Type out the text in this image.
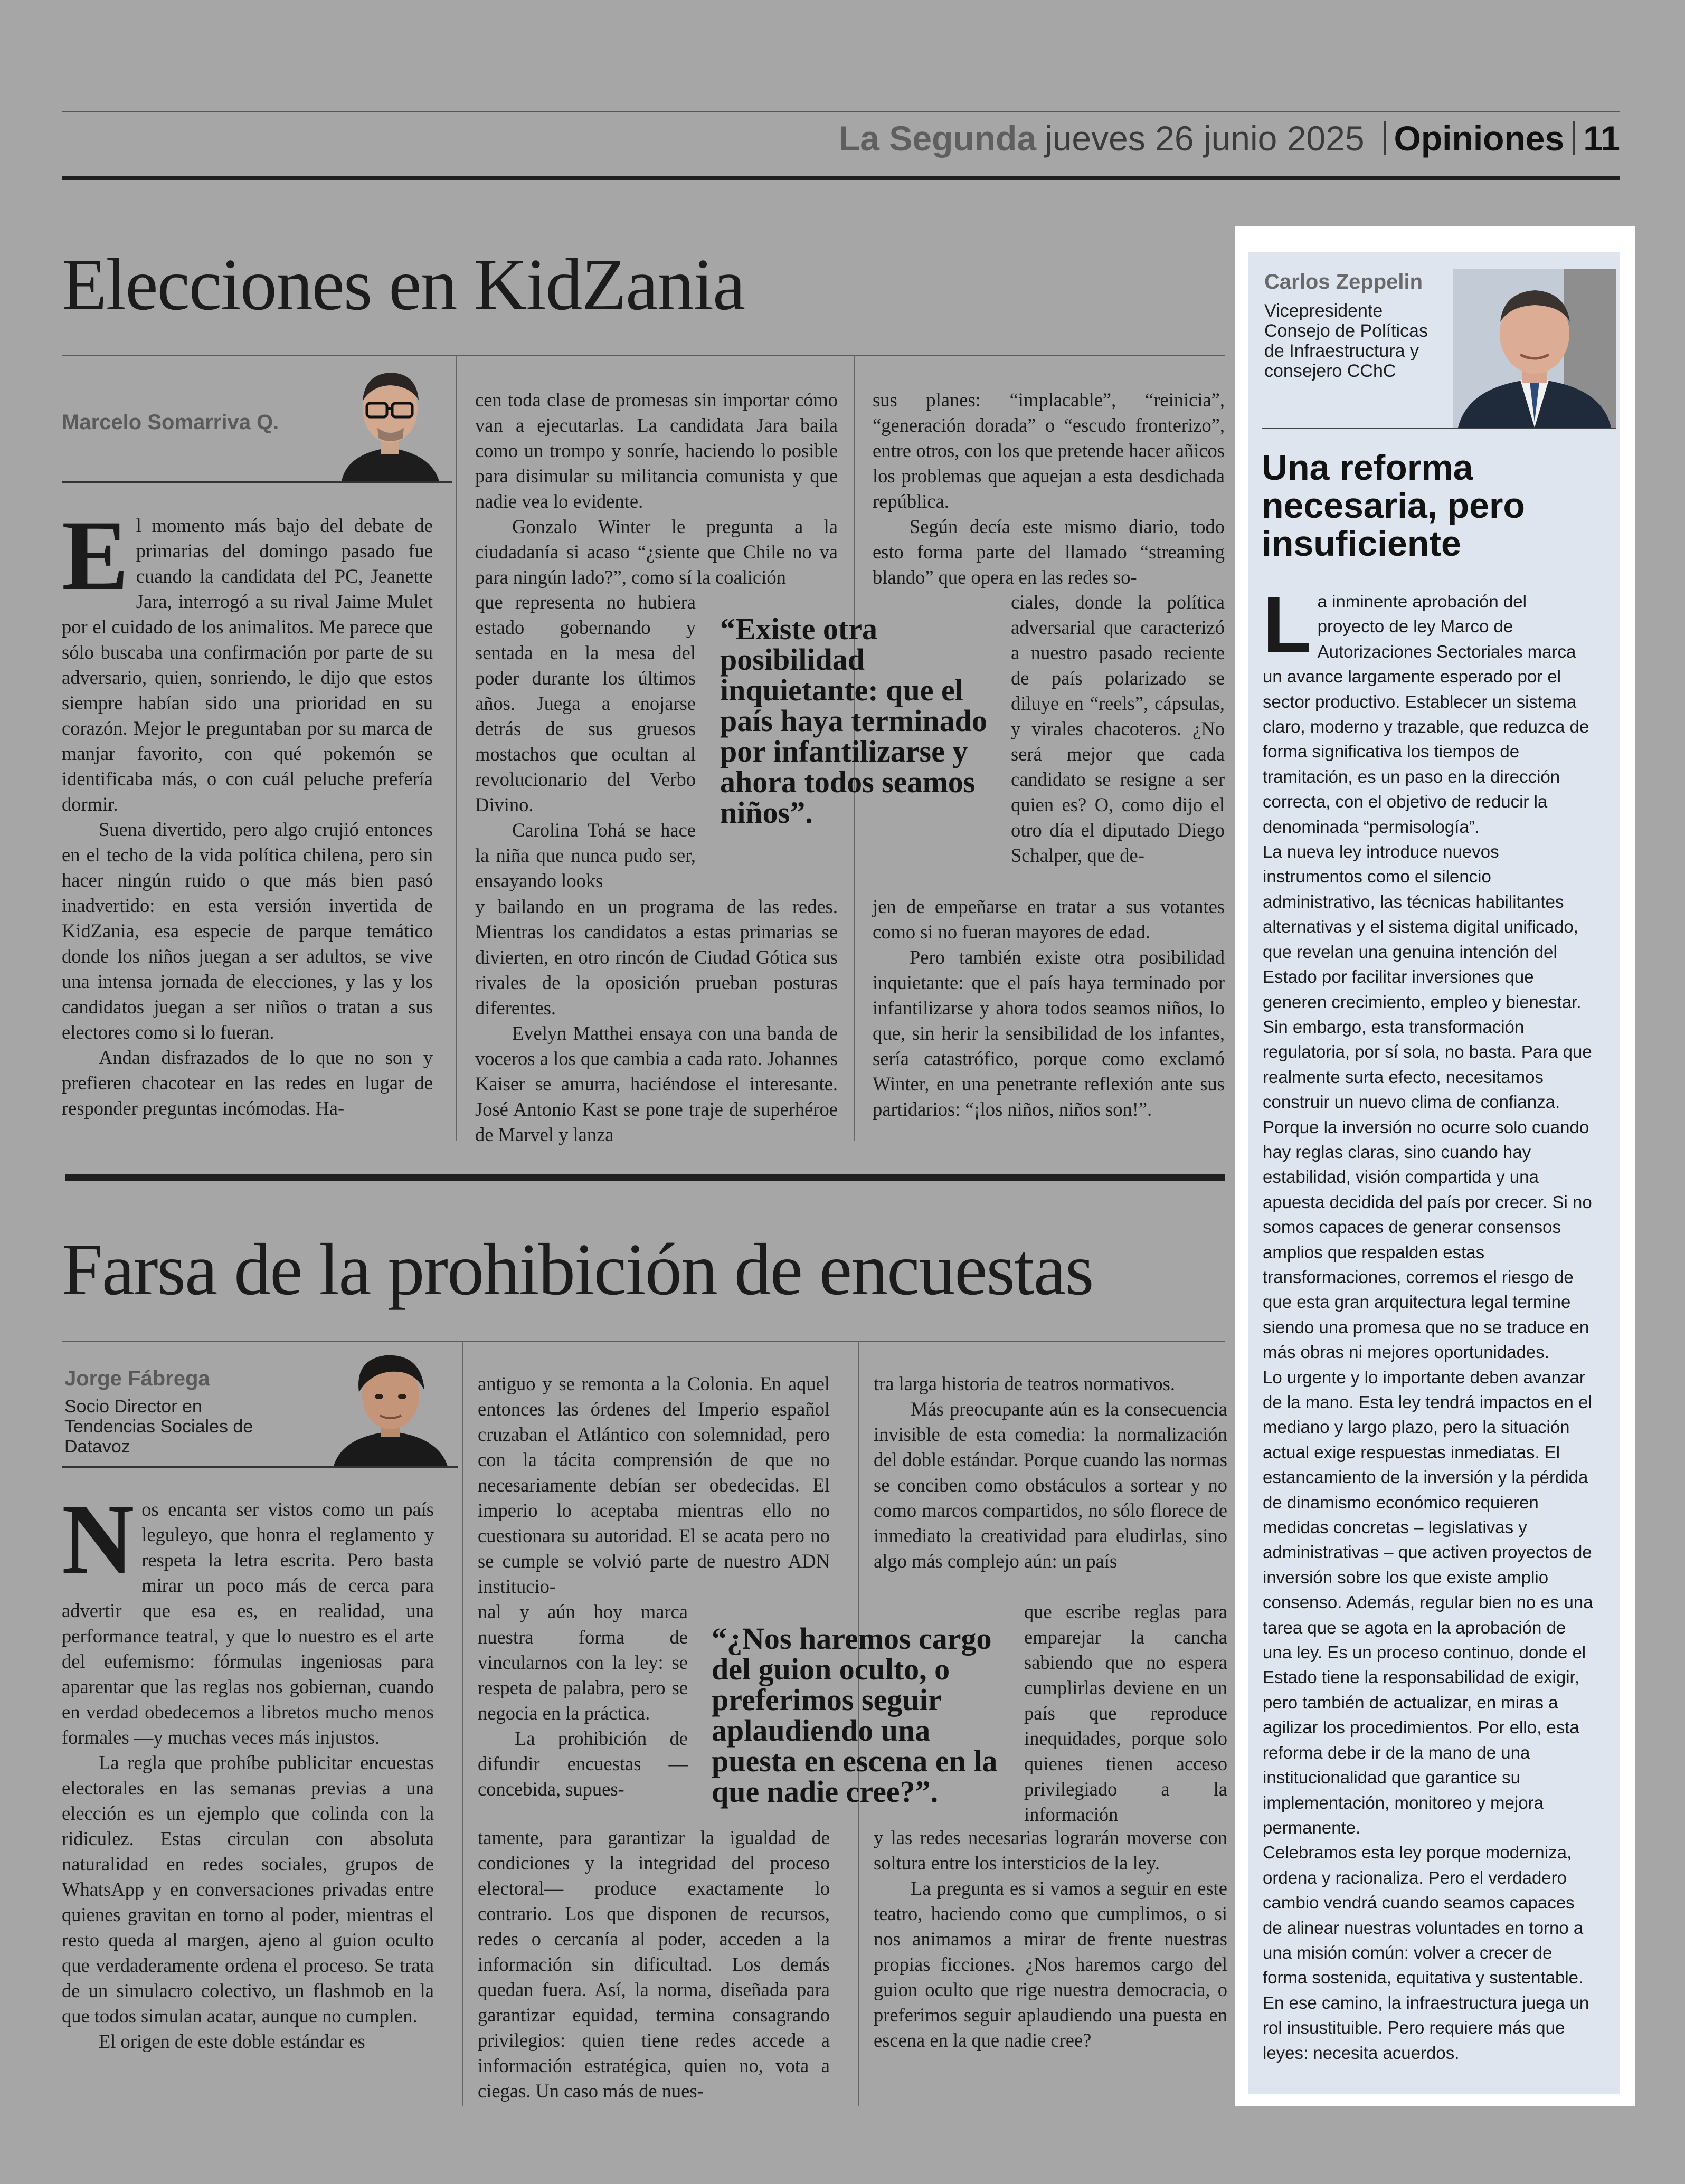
La Segunda jueves 26 junio 2025 Opiniones 11
Elecciones en KidZania
Marcelo Somarriva Q.

El momento más bajo del debate de primarias del domingo pasado fue cuando la candidata del PC, Jeanette Jara, interrogó a su rival Jaime Mulet por el cuidado de los animalitos. Me parece que sólo buscaba una confirmación por parte de su adversario, quien, sonriendo, le dijo que estos siempre habían sido una prioridad en su corazón. Mejor le preguntaban por su marca de manjar favorito, con qué pokemón se identificaba más, o con cuál peluche prefería dormir.

Suena divertido, pero algo crujió entonces en el techo de la vida política chilena, pero sin hacer ningún ruido o que más bien pasó inadvertido: en esta versión invertida de KidZania, esa especie de parque temático donde los niños juegan a ser adultos, se vive una intensa jornada de elecciones, y las y los candidatos juegan a ser niños o tratan a sus electores como si lo fueran.

Andan disfrazados de lo que no son y prefieren chacotear en las redes en lugar de responder preguntas incómodas. Ha-

cen toda clase de promesas sin importar cómo van a ejecutarlas. La candidata Jara baila como un trompo y sonríe, haciendo lo posible para disimular su militancia comunista y que nadie vea lo evidente.

Gonzalo Winter le pregunta a la ciudadanía si acaso “¿siente que Chile no va para ningún lado?”, como sí la coalición

que representa no hubiera estado gobernando y sentada en la mesa del poder durante los últimos años. Juega a enojarse detrás de sus gruesos mostachos que ocultan al revolucionario del Verbo Divino.

Carolina Tohá se hace la niña que nunca pudo ser, ensayando looks

y bailando en un programa de las redes. Mientras los candidatos a estas primarias se divierten, en otro rincón de Ciudad Gótica sus rivales de la oposición prueban posturas diferentes.

Evelyn Matthei ensaya con una banda de voceros a los que cambia a cada rato. Johannes Kaiser se amurra, haciéndose el interesante. José Antonio Kast se pone traje de superhéroe de Marvel y lanza

sus planes: “implacable”, “reinicia”, “generación dorada” o “escudo fronterizo”, entre otros, con los que pretende hacer añicos los problemas que aquejan a esta desdichada república.

Según decía este mismo diario, todo esto forma parte del llamado “streaming blando” que opera en las redes so-

ciales, donde la política adversarial que caracterizó a nuestro pasado reciente de país polarizado se diluye en “reels”, cápsulas, y virales chacoteros. ¿No será mejor que cada candidato se resigne a ser quien es? O, como dijo el otro día el diputado Diego Schalper, que de-

jen de empeñarse en tratar a sus votantes como si no fueran mayores de edad.

Pero también existe otra posibilidad inquietante: que el país haya terminado por infantilizarse y ahora todos seamos niños, lo que, sin herir la sensibilidad de los infantes, sería catastrófico, porque como exclamó Winter, en una penetrante reflexión ante sus partidarios: “¡los niños, niños son!”.

“Existe otra posibilidad inquietante: que el país haya terminado por infantilizarse y ahora todos seamos niños”.
Farsa de la prohibición de encuestas
Jorge Fábrega
Socio Director en Tendencias Sociales de Datavoz

Nos encanta ser vistos como un país leguleyo, que honra el reglamento y respeta la letra escrita. Pero basta mirar un poco más de cerca para advertir que esa es, en realidad, una performance teatral, y que lo nuestro es el arte del eufemismo: fórmulas ingeniosas para aparentar que las reglas nos gobiernan, cuando en verdad obedecemos a libretos mucho menos formales —y muchas veces más injustos.

La regla que prohíbe publicitar encuestas electorales en las semanas previas a una elección es un ejemplo que colinda con la ridiculez. Estas circulan con absoluta naturalidad en redes sociales, grupos de WhatsApp y en conversaciones privadas entre quienes gravitan en torno al poder, mientras el resto queda al margen, ajeno al guion oculto que verdaderamente ordena el proceso. Se trata de un simulacro colectivo, un flashmob en la que todos simulan acatar, aunque no cumplen.

El origen de este doble estándar es

antiguo y se remonta a la Colonia. En aquel entonces las órdenes del Imperio español cruzaban el Atlántico con solemnidad, pero con la tácita comprensión de que no necesariamente debían ser obedecidas. El imperio lo aceptaba mientras ello no cuestionara su autoridad. El se acata pero no se cumple se volvió parte de nuestro ADN institucio-

nal y aún hoy marca nuestra forma de vincularnos con la ley: se respeta de palabra, pero se negocia en la práctica.

La prohibición de difundir encuestas —concebida, supues-

tamente, para garantizar la igualdad de condiciones y la integridad del proceso electoral— produce exactamente lo contrario. Los que disponen de recursos, redes o cercanía al poder, acceden a la información sin dificultad. Los demás quedan fuera. Así, la norma, diseñada para garantizar equidad, termina consagrando privilegios: quien tiene redes accede a información estratégica, quien no, vota a ciegas. Un caso más de nues-

tra larga historia de teatros normativos.

Más preocupante aún es la consecuencia invisible de esta comedia: la normalización del doble estándar. Porque cuando las normas se conciben como obstáculos a sortear y no como marcos compartidos, no sólo florece de inmediato la creatividad para eludirlas, sino algo más complejo aún: un país

que escribe reglas para emparejar la cancha sabiendo que no espera cumplirlas deviene en un país que reproduce inequidades, porque solo quienes tienen acceso privilegiado a la información

y las redes necesarias lograrán moverse con soltura entre los intersticios de la ley.

La pregunta es si vamos a seguir en este teatro, haciendo como que cumplimos, o si nos animamos a mirar de frente nuestras propias ficciones. ¿Nos haremos cargo del guion oculto que rige nuestra democracia, o preferimos seguir aplaudiendo una puesta en escena en la que nadie cree?

“¿Nos haremos cargo del guion oculto, o preferimos seguir aplaudiendo una puesta en escena en la que nadie cree?”.
Carlos Zeppelin
Vicepresidente Consejo de Políticas de Infraestructura y consejero CChC
Una reforma necesaria, pero insuficiente

La inminente aprobación del proyecto de ley Marco de Autorizaciones Sectoriales marca un avance largamente esperado por el sector productivo. Establecer un sistema claro, moderno y trazable, que reduzca de forma significativa los tiempos de tramitación, es un paso en la dirección correcta, con el objetivo de reducir la denominada “permisología”.

La nueva ley introduce nuevos instrumentos como el silencio administrativo, las técnicas habilitantes alternativas y el sistema digital unificado, que revelan una genuina intención del Estado por facilitar inversiones que generen crecimiento, empleo y bienestar.

Sin embargo, esta transformación regulatoria, por sí sola, no basta. Para que realmente surta efecto, necesitamos construir un nuevo clima de confianza. Porque la inversión no ocurre solo cuando hay reglas claras, sino cuando hay estabilidad, visión compartida y una apuesta decidida del país por crecer. Si no somos capaces de generar consensos amplios que respalden estas transformaciones, corremos el riesgo de que esta gran arquitectura legal termine siendo una promesa que no se traduce en más obras ni mejores oportunidades.

Lo urgente y lo importante deben avanzar de la mano. Esta ley tendrá impactos en el mediano y largo plazo, pero la situación actual exige respuestas inmediatas. El estancamiento de la inversión y la pérdida de dinamismo económico requieren medidas concretas – legislativas y administrativas – que activen proyectos de inversión sobre los que existe amplio consenso. Además, regular bien no es una tarea que se agota en la aprobación de una ley. Es un proceso continuo, donde el Estado tiene la responsabilidad de exigir, pero también de actualizar, en miras a agilizar los procedimientos. Por ello, esta reforma debe ir de la mano de una institucionalidad que garantice su implementación, monitoreo y mejora permanente.

Celebramos esta ley porque moderniza, ordena y racionaliza. Pero el verdadero cambio vendrá cuando seamos capaces de alinear nuestras voluntades en torno a una misión común: volver a crecer de forma sostenida, equitativa y sustentable. En ese camino, la infraestructura juega un rol insustituible. Pero requiere más que leyes: necesita acuerdos.
